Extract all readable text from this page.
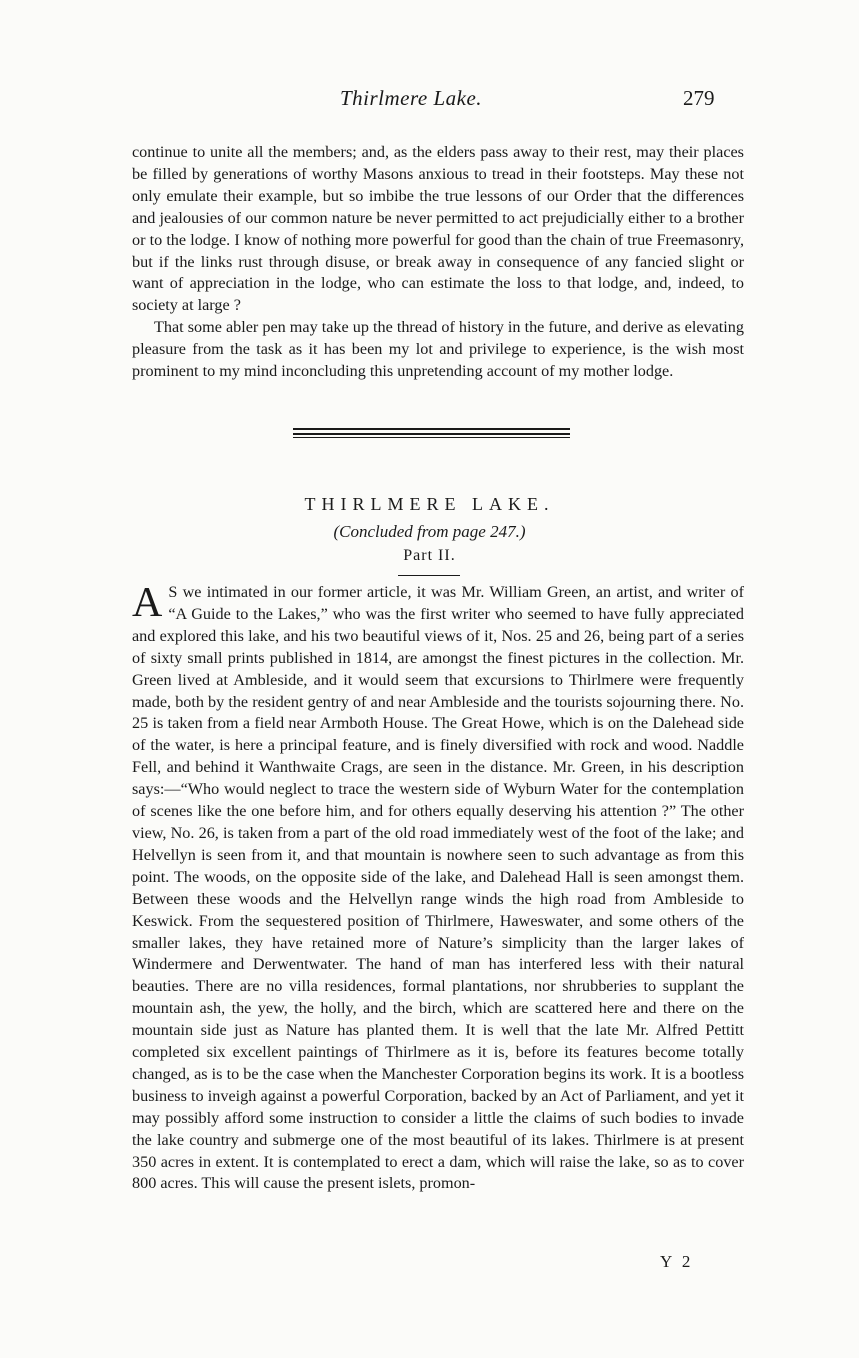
Thirlmere Lake.	279

continue to unite all the members; and, as the elders pass away to their rest, may their places be filled by generations of worthy Masons anxious to tread in their footsteps. May these not only emulate their example, but so imbibe the true lessons of our Order that the differences and jealousies of our common nature be never permitted to act prejudicially either to a brother or to the lodge. I know of nothing more powerful for good than the chain of true Freemasonry, but if the links rust through disuse, or break away in consequence of any fancied slight or want of appreciation in the lodge, who can estimate the loss to that lodge, and, indeed, to society at large ?

That some abler pen may take up the thread of history in the future, and derive as elevating pleasure from the task as it has been my lot and privilege to experience, is the wish most prominent to my mind inconcluding this unpretending account of my mother lodge.

THIRLMERE LAKE.
(Concluded from page 247.)
Part II.

A S we intimated in our former article, it was Mr. William Green, an artist, and writer of “A Guide to the Lakes,” who was the first writer who seemed to have fully appreciated and explored this lake, and his two beautiful views of it, Nos. 25 and 26, being part of a series of sixty small prints published in 1814, are amongst the finest pictures in the collection. Mr. Green lived at Ambleside, and it would seem that excursions to Thirlmere were frequently made, both by the resident gentry of and near Ambleside and the tourists sojourning there. No. 25 is taken from a field near Armboth House. The Great Howe, which is on the Dalehead side of the water, is here a principal feature, and is finely diversified with rock and wood. Naddle Fell, and behind it Wanthwaite Crags, are seen in the distance. Mr. Green, in his description says:—“Who would neglect to trace the western side of Wyburn Water for the contemplation of scenes like the one before him, and for others equally deserving his attention ?” The other view, No. 26, is taken from a part of the old road immediately west of the foot of the lake; and Helvellyn is seen from it, and that mountain is nowhere seen to such advantage as from this point. The woods, on the opposite side of the lake, and Dalehead Hall is seen amongst them. Between these woods and the Helvellyn range winds the high road from Ambleside to Keswick. From the sequestered position of Thirlmere, Haweswater, and some others of the smaller lakes, they have retained more of Nature’s simplicity than the larger lakes of Windermere and Derwentwater. The hand of man has interfered less with their natural beauties. There are no villa residences, formal plantations, nor shrubberies to supplant the mountain ash, the yew, the holly, and the birch, which are scattered here and there on the mountain side just as Nature has planted them. It is well that the late Mr. Alfred Pettitt completed six excellent paintings of Thirlmere as it is, before its features become totally changed, as is to be the case when the Manchester Corporation begins its work. It is a bootless business to inveigh against a powerful Corporation, backed by an Act of Parliament, and yet it may possibly afford some instruction to consider a little the claims of such bodies to invade the lake country and submerge one of the most beautiful of its lakes. Thirlmere is at present 350 acres in extent. It is contemplated to erect a dam, which will raise the lake, so as to cover 800 acres. This will cause the present islets, promon-

Y 2
